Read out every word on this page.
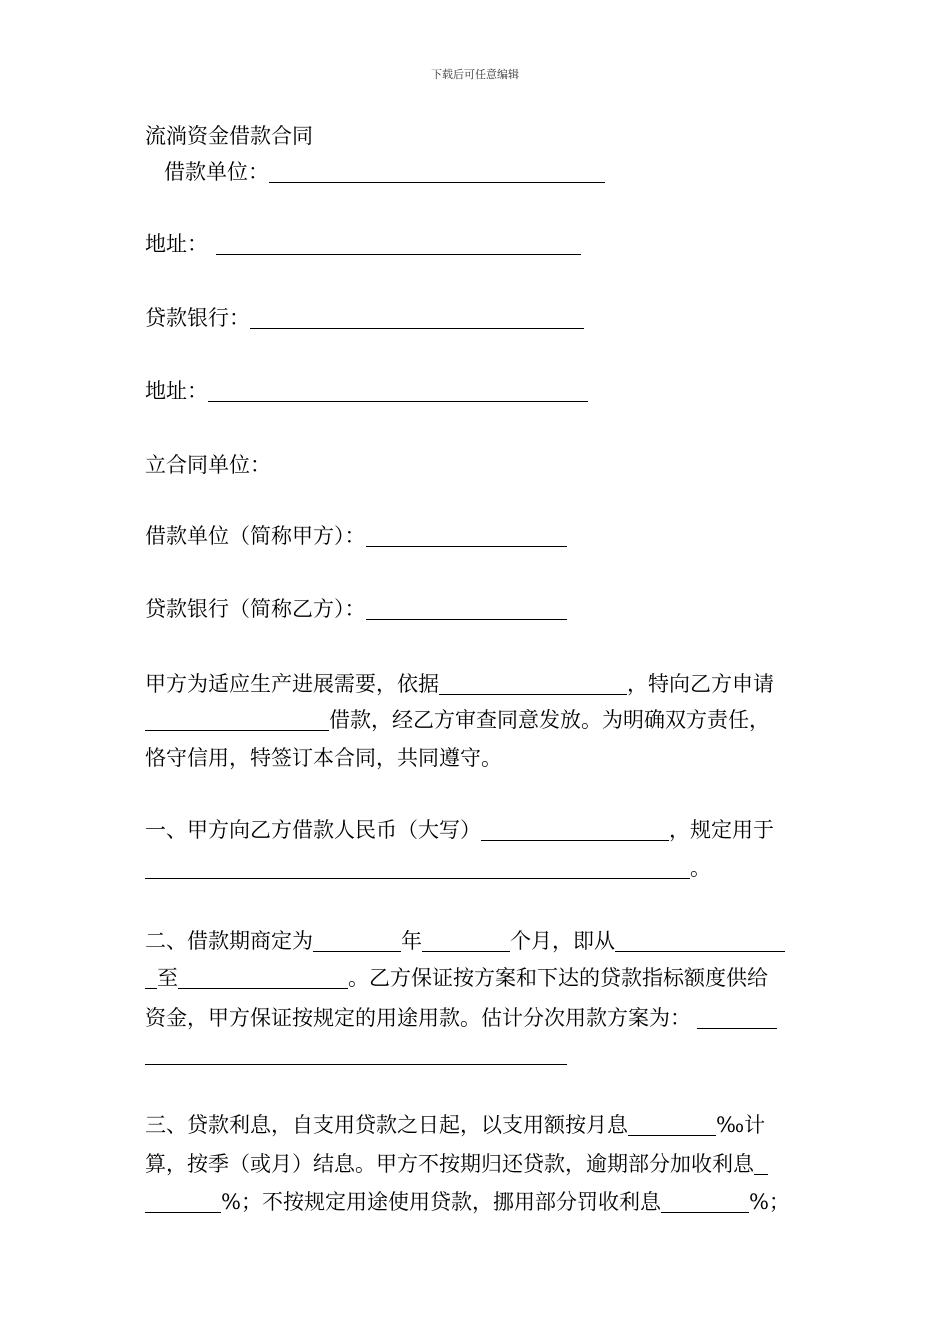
下载后可任意编辑
流淌资金借款合同
借款单位：
地址：
贷款银行：
地址：
立合同单位：
借款单位（简称甲方）：
贷款银行（简称乙方）：
甲方为适应生产进展需要，依据	，特向乙方申请
借款，经乙方审查同意发放。为明确双方责任，
恪守信用，特签订本合同，共同遵守。
一、甲方向乙方借款人民币（大写）	，规定用于
。
二、借款期商定为	年	个月，即从
至	。乙方保证按方案和下达的贷款指标额度供给
资金，甲方保证按规定的用途用款。估计分次用款方案为：
三、贷款利息，自支用贷款之日起，以支用额按月息	‰计
算，按季（或月）结息。甲方不按期归还贷款，逾期部分加收利息
%；不按规定用途使用贷款，挪用部分罚收利息	%；
